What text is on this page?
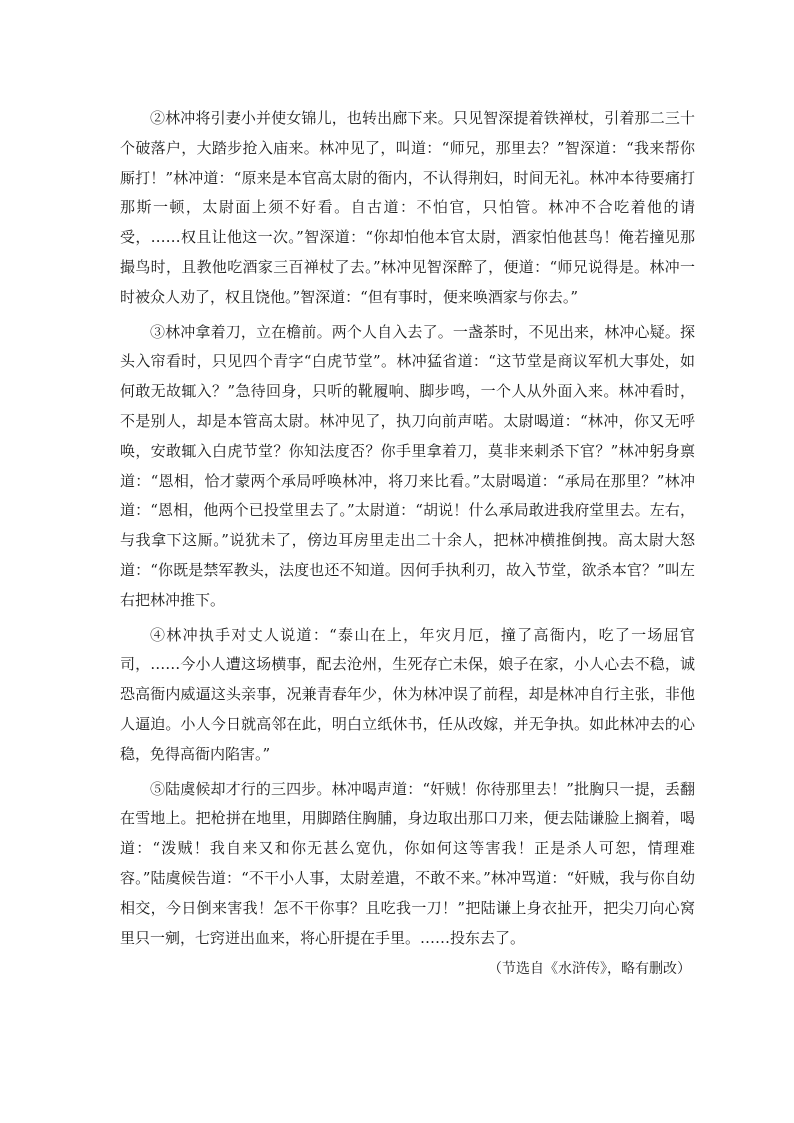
②林冲将引妻小并使女锦儿，也转出廊下来。只见智深提着铁禅杖，引着那二三十个破落户，大踏步抢入庙来。林冲见了，叫道：“师兄，那里去？”智深道：“我来帮你厮打！”林冲道：“原来是本官高太尉的衙内，不认得荆妇，时间无礼。林冲本待要痛打那斯一顿，太尉面上须不好看。自古道：不怕官，只怕管。林冲不合吃着他的请受，……权且让他这一次。”智深道：“你却怕他本官太尉，酒家怕他甚鸟！俺若撞见那撮鸟时，且教他吃酒家三百禅杖了去。”林冲见智深醉了，便道：“师兄说得是。林冲一时被众人劝了，权且饶他。”智深道：“但有事时，便来唤酒家与你去。”

③林冲拿着刀，立在檐前。两个人自入去了。一盏茶时，不见出来，林冲心疑。探头入帘看时，只见四个青字“白虎节堂”。林冲猛省道：“这节堂是商议军机大事处，如何敢无故辄入？”急待回身，只听的靴履响、脚步鸣，一个人从外面入来。林冲看时，不是别人，却是本管高太尉。林冲见了，执刀向前声喏。太尉喝道：“林冲，你又无呼唤，安敢辄入白虎节堂？你知法度否？你手里拿着刀，莫非来刺杀下官？”林冲躬身禀道：“恩相，恰才蒙两个承局呼唤林冲，将刀来比看。”太尉喝道：“承局在那里？”林冲道：“恩相，他两个已投堂里去了。”太尉道：“胡说！什么承局敢进我府堂里去。左右，与我拿下这厮。”说犹未了，傍边耳房里走出二十余人，把林冲横推倒拽。高太尉大怒道：“你既是禁军教头，法度也还不知道。因何手执利刃，故入节堂，欲杀本官？”叫左右把林冲推下。

④林冲执手对丈人说道：“泰山在上，年灾月厄，撞了高衙内，吃了一场屈官司，……今小人遭这场横事，配去沧州，生死存亡未保，娘子在家，小人心去不稳，诚恐高衙内威逼这头亲事，况兼青春年少，休为林冲误了前程，却是林冲自行主张，非他人逼迫。小人今日就高邻在此，明白立纸休书，任从改嫁，并无争执。如此林冲去的心稳，免得高衙内陷害。”

⑤陆虞候却才行的三四步。林冲喝声道：“奸贼！你待那里去！”批胸只一提，丢翻在雪地上。把枪拼在地里，用脚踏住胸脯，身边取出那口刀来，便去陆谦脸上搁着，喝道：“泼贼！我自来又和你无甚么宽仇，你如何这等害我！正是杀人可恕，情理难容。”陆虞候告道：“不干小人事，太尉差遣，不敢不来。”林冲骂道：“奸贼，我与你自幼相交，今日倒来害我！怎不干你事？且吃我一刀！”把陆谦上身衣扯开，把尖刀向心窝里只一剜，七窍迸出血来，将心肝提在手里。……投东去了。

（节选自《水浒传》，略有删改）
